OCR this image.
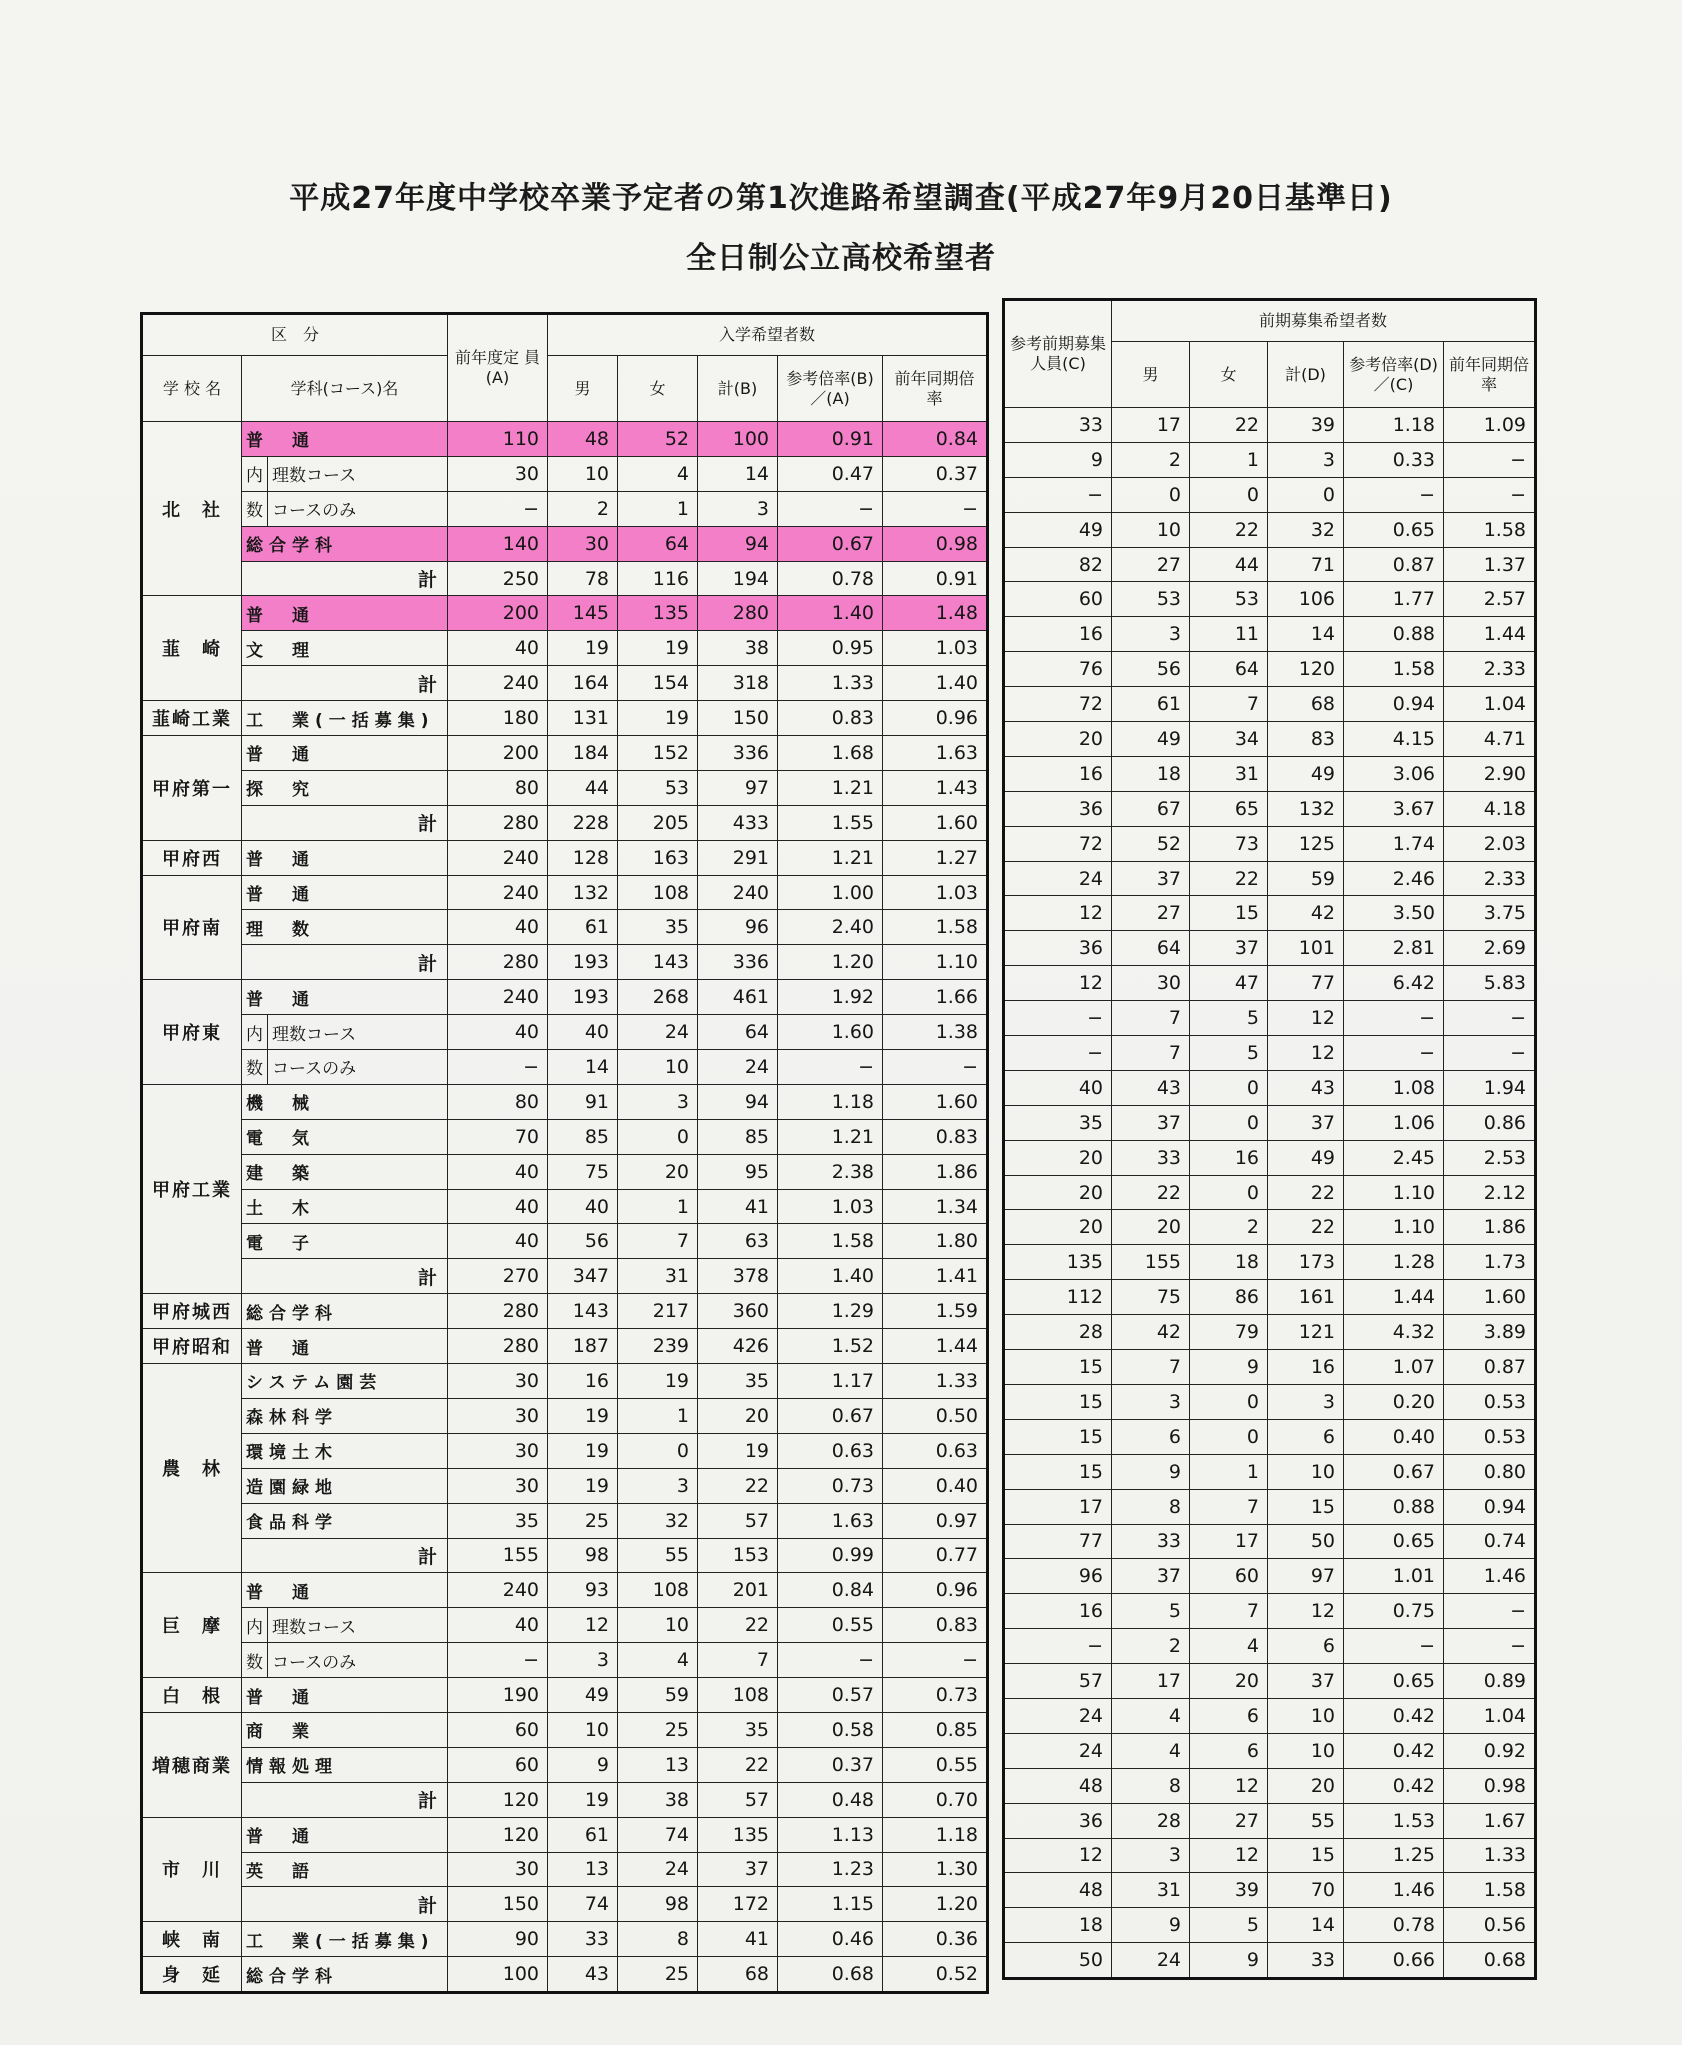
平成27年度中学校卒業予定者の第1次進路希望調査(平成27年9月20日基準日)
全日制公立高校希望者
区　分			前年度定 員(A)	入学希望者数				
学 校 名	学科(コース)名			男	女	計(B)	参考倍率(B)／(A)	前年同期倍 率
北　社	普　通		110	48	52	100	0.91	0.84
	内	理数コース	30	10	4	14	0.47	0.37
	数	コースのみ	−	2	1	3	−	−
	総合学科		140	30	64	94	0.67	0.98
	計		250	78	116	194	0.78	0.91
韮　崎	普　通		200	145	135	280	1.40	1.48
	文　理		40	19	19	38	0.95	1.03
	計		240	164	154	318	1.33	1.40
韮崎工業	工　業(一括募集)		180	131	19	150	0.83	0.96
甲府第一	普　通		200	184	152	336	1.68	1.63
	探　究		80	44	53	97	1.21	1.43
	計		280	228	205	433	1.55	1.60
甲府西	普　通		240	128	163	291	1.21	1.27
甲府南	普　通		240	132	108	240	1.00	1.03
	理　数		40	61	35	96	2.40	1.58
	計		280	193	143	336	1.20	1.10
甲府東	普　通		240	193	268	461	1.92	1.66
	内	理数コース	40	40	24	64	1.60	1.38
	数	コースのみ	−	14	10	24	−	−
甲府工業	機　械		80	91	3	94	1.18	1.60
	電　気		70	85	0	85	1.21	0.83
	建　築		40	75	20	95	2.38	1.86
	土　木		40	40	1	41	1.03	1.34
	電　子		40	56	7	63	1.58	1.80
	計		270	347	31	378	1.40	1.41
甲府城西	総合学科		280	143	217	360	1.29	1.59
甲府昭和	普　通		280	187	239	426	1.52	1.44
農　林	システム園芸		30	16	19	35	1.17	1.33
	森林科学		30	19	1	20	0.67	0.50
	環境土木		30	19	0	19	0.63	0.63
	造園緑地		30	19	3	22	0.73	0.40
	食品科学		35	25	32	57	1.63	0.97
	計		155	98	55	153	0.99	0.77
巨　摩	普　通		240	93	108	201	0.84	0.96
	内	理数コース	40	12	10	22	0.55	0.83
	数	コースのみ	−	3	4	7	−	−
白　根	普　通		190	49	59	108	0.57	0.73
増穂商業	商　業		60	10	25	35	0.58	0.85
	情報処理		60	9	13	22	0.37	0.55
	計		120	19	38	57	0.48	0.70
市　川	普　通		120	61	74	135	1.13	1.18
	英　語		30	13	24	37	1.23	1.30
	計		150	74	98	172	1.15	1.20
峡　南	工　業(一括募集)		90	33	8	41	0.46	0.36
身　延	総合学科		100	43	25	68	0.68	0.52
参考前期募集人員(C)	前期募集希望者数				
	男	女	計(D)	参考倍率(D)／(C)	前年同期倍 率
33	17	22	39	1.18	1.09
9	2	1	3	0.33	−
−	0	0	0	−	−
49	10	22	32	0.65	1.58
82	27	44	71	0.87	1.37
60	53	53	106	1.77	2.57
16	3	11	14	0.88	1.44
76	56	64	120	1.58	2.33
72	61	7	68	0.94	1.04
20	49	34	83	4.15	4.71
16	18	31	49	3.06	2.90
36	67	65	132	3.67	4.18
72	52	73	125	1.74	2.03
24	37	22	59	2.46	2.33
12	27	15	42	3.50	3.75
36	64	37	101	2.81	2.69
12	30	47	77	6.42	5.83
−	7	5	12	−	−
−	7	5	12	−	−
40	43	0	43	1.08	1.94
35	37	0	37	1.06	0.86
20	33	16	49	2.45	2.53
20	22	0	22	1.10	2.12
20	20	2	22	1.10	1.86
135	155	18	173	1.28	1.73
112	75	86	161	1.44	1.60
28	42	79	121	4.32	3.89
15	7	9	16	1.07	0.87
15	3	0	3	0.20	0.53
15	6	0	6	0.40	0.53
15	9	1	10	0.67	0.80
17	8	7	15	0.88	0.94
77	33	17	50	0.65	0.74
96	37	60	97	1.01	1.46
16	5	7	12	0.75	−
−	2	4	6	−	−
57	17	20	37	0.65	0.89
24	4	6	10	0.42	1.04
24	4	6	10	0.42	0.92
48	8	12	20	0.42	0.98
36	28	27	55	1.53	1.67
12	3	12	15	1.25	1.33
48	31	39	70	1.46	1.58
18	9	5	14	0.78	0.56
50	24	9	33	0.66	0.68
